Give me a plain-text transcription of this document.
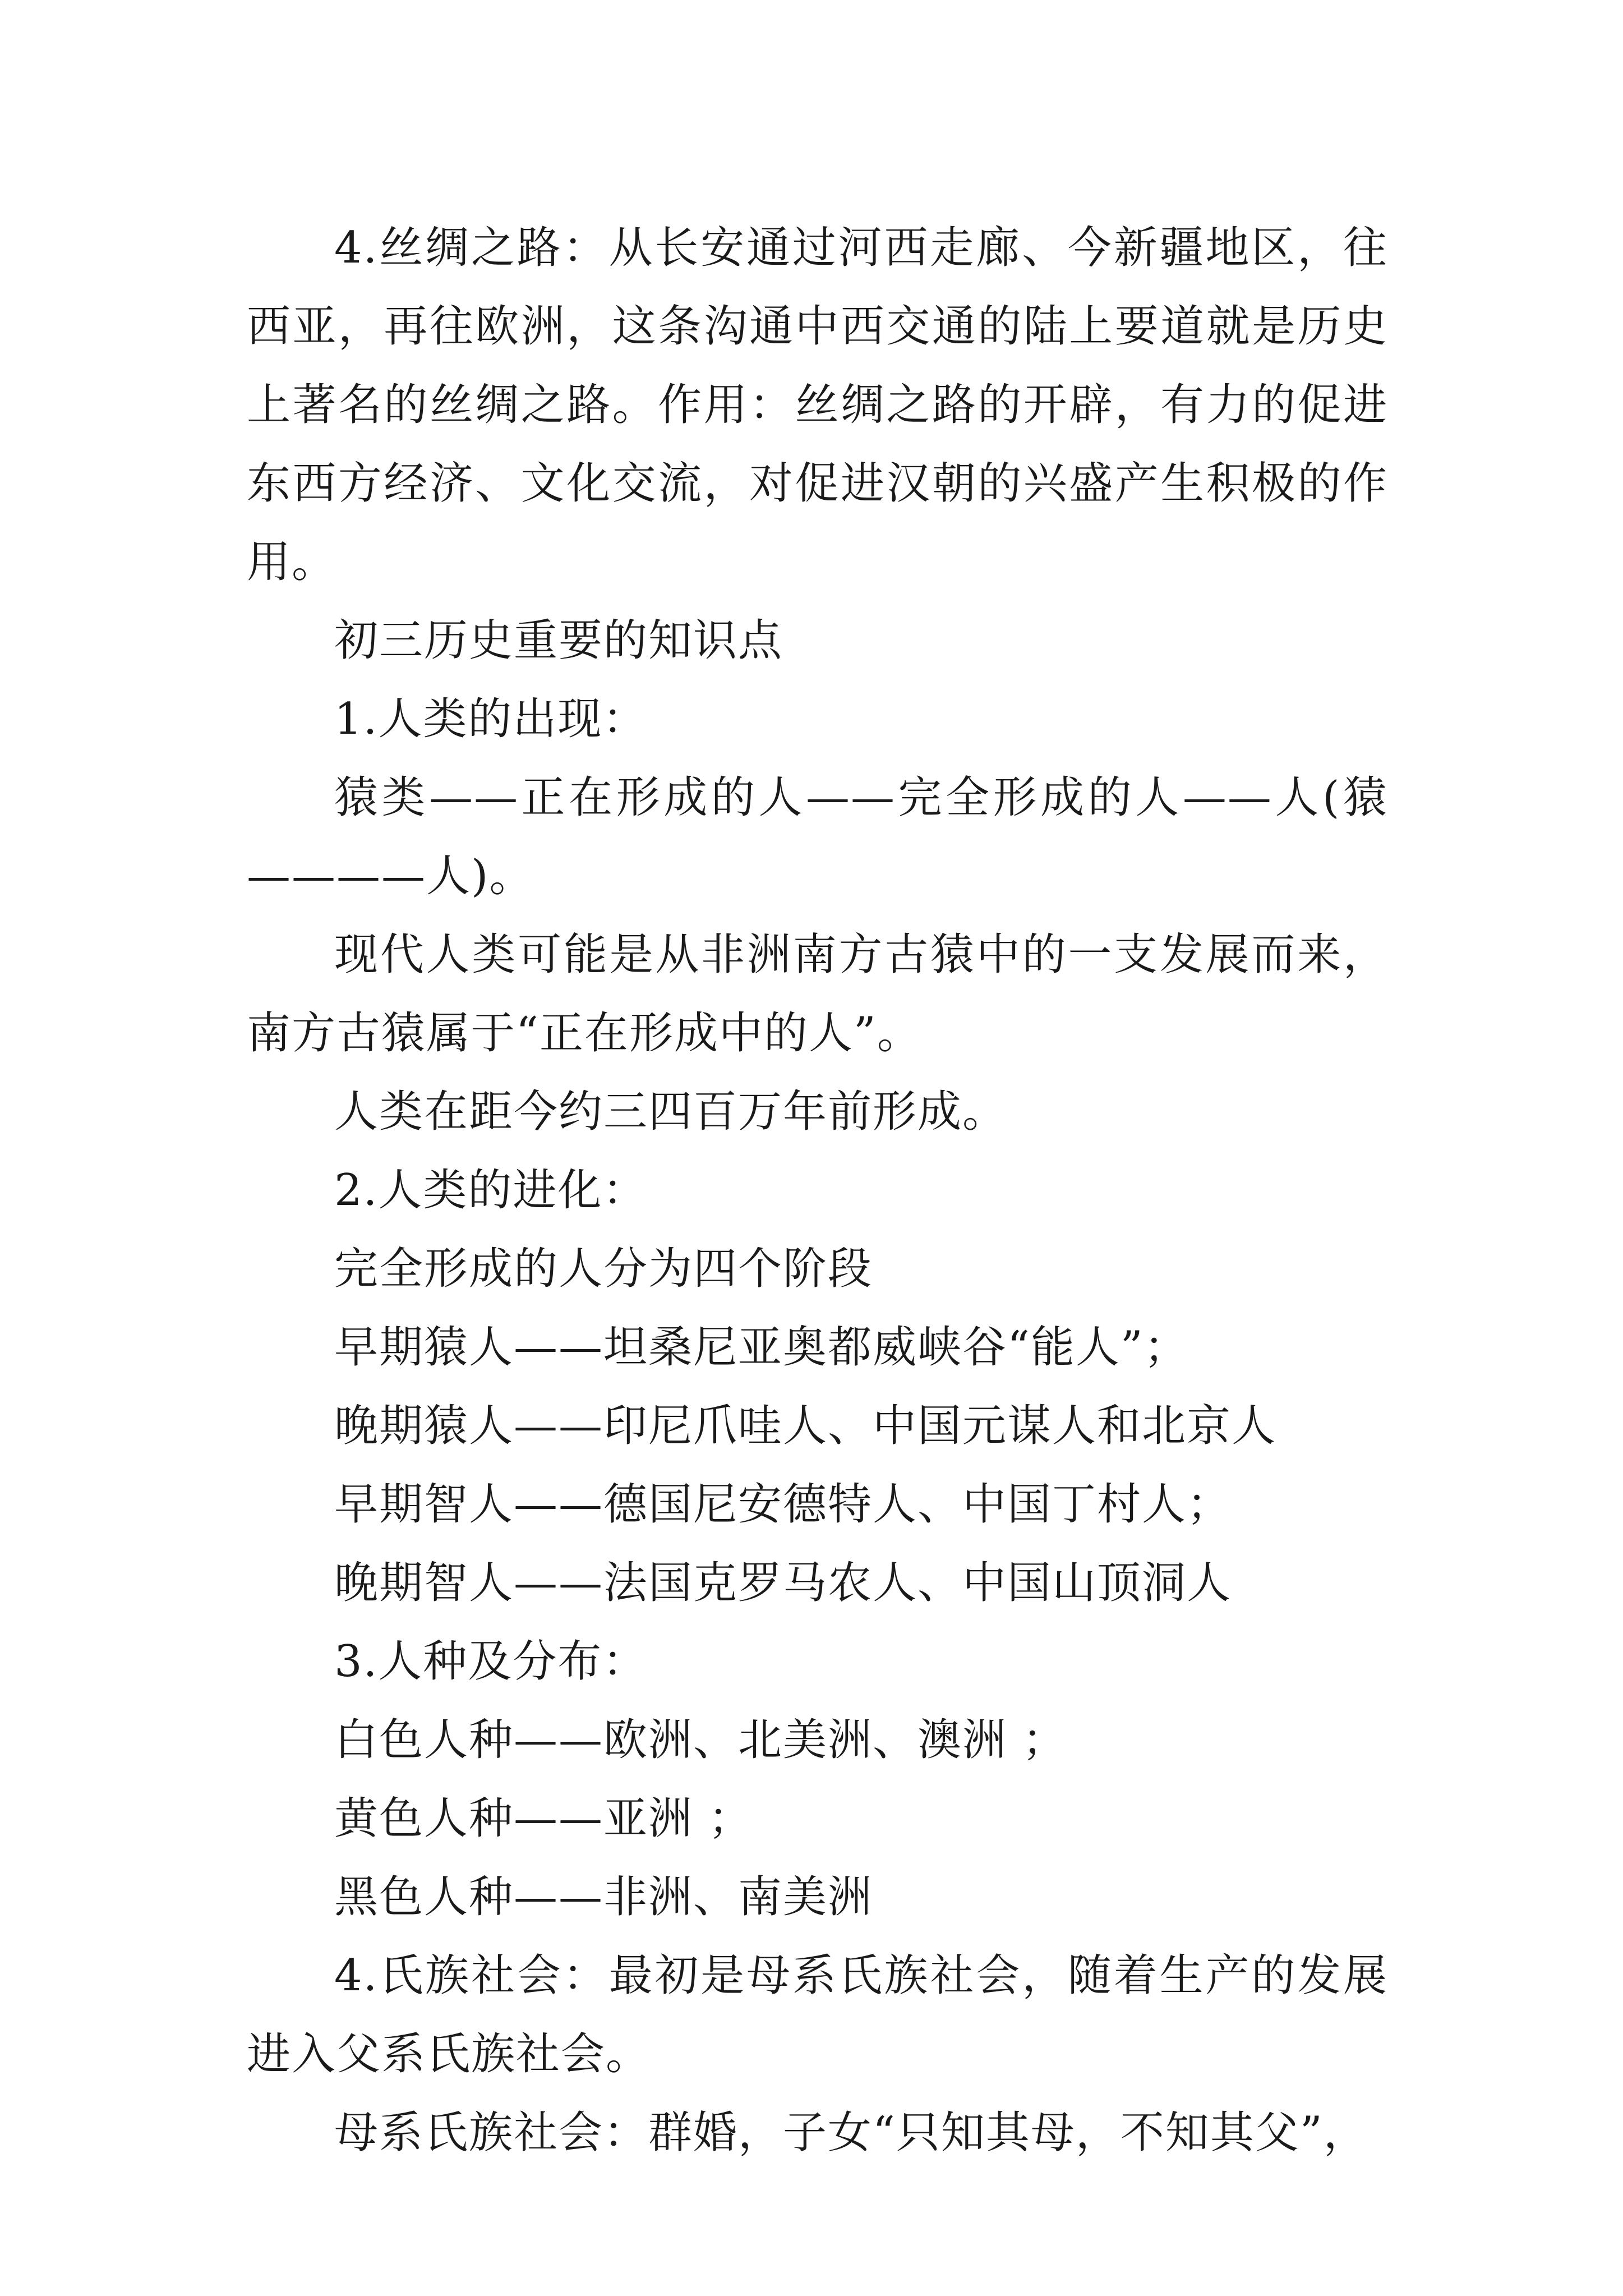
4.丝绸之路：从长安通过河西走廊、今新疆地区，往西亚，再往欧洲，这条沟通中西交通的陆上要道就是历史上著名的丝绸之路。作用：丝绸之路的开辟，有力的促进东西方经济、文化交流，对促进汉朝的兴盛产生积极的作用。

初三历史重要的知识点

1.人类的出现：

猿类——正在形成的人——完全形成的人——人(猿————人)。

现代人类可能是从非洲南方古猿中的一支发展而来，南方古猿属于“正在形成中的人”。

人类在距今约三四百万年前形成。

2.人类的进化：

完全形成的人分为四个阶段

早期猿人——坦桑尼亚奥都威峡谷“能人”；

晚期猿人——印尼爪哇人、中国元谋人和北京人

早期智人——德国尼安德特人、中国丁村人；

晚期智人——法国克罗马农人、中国山顶洞人

3.人种及分布：

白色人种——欧洲、北美洲、澳洲 ；

黄色人种——亚洲 ；

黑色人种——非洲、南美洲

4.氏族社会：最初是母系氏族社会，随着生产的发展进入父系氏族社会。

母系氏族社会：群婚，子女“只知其母，不知其父”，
